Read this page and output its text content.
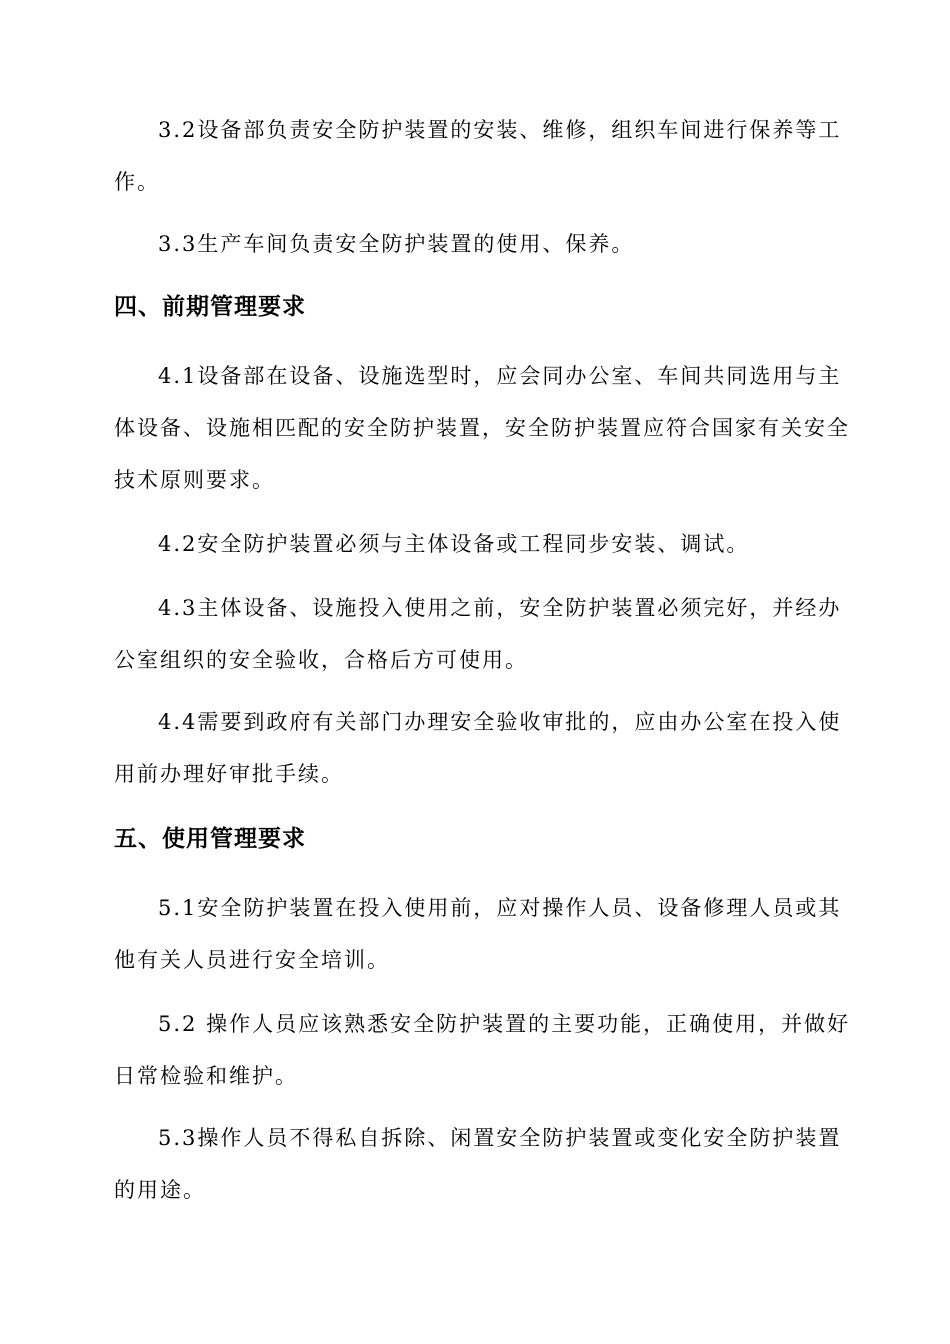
3.2设备部负责安全防护装置的安装、维修，组织车间进行保养等工
作。
3.3生产车间负责安全防护装置的使用、保养。
四、前期管理要求
4.1设备部在设备、设施选型时，应会同办公室、车间共同选用与主
体设备、设施相匹配的安全防护装置，安全防护装置应符合国家有关安全
技术原则要求。
4.2安全防护装置必须与主体设备或工程同步安装、调试。
4.3主体设备、设施投入使用之前，安全防护装置必须完好，并经办
公室组织的安全验收，合格后方可使用。
4.4需要到政府有关部门办理安全验收审批的，应由办公室在投入使
用前办理好审批手续。
五、使用管理要求
5.1安全防护装置在投入使用前，应对操作人员、设备修理人员或其
他有关人员进行安全培训。
5.2 操作人员应该熟悉安全防护装置的主要功能，正确使用，并做好
日常检验和维护。
5.3操作人员不得私自拆除、闲置安全防护装置或变化安全防护装置
的用途。
